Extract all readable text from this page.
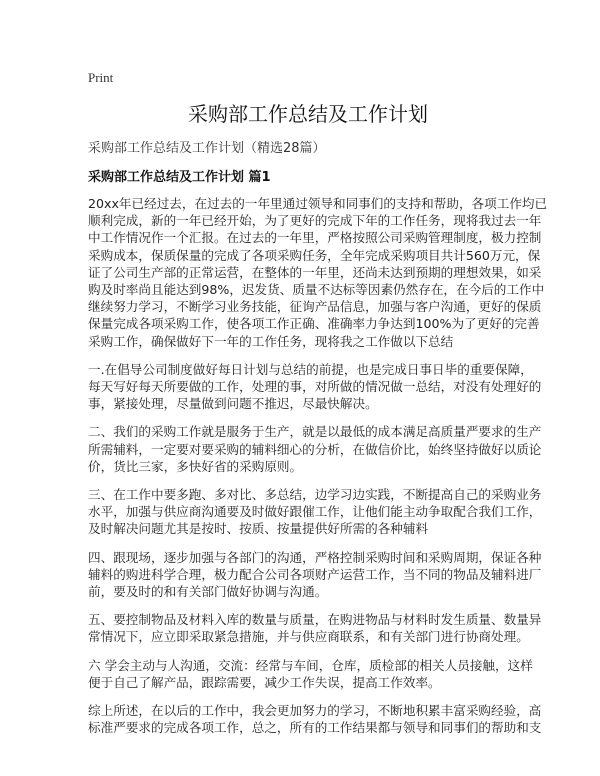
Print
采购部工作总结及工作计划
采购部工作总结及工作计划（精选28篇）
采购部工作总结及工作计划 篇1

20xx年已经过去，在过去的一年里通过领导和同事们的支持和帮助，各项工作均已
顺利完成，新的一年已经开始，为了更好的完成下年的工作任务，现将我过去一年
中工作情况作一个汇报。在过去的一年里，严格按照公司采购管理制度，极力控制
采购成本，保质保量的完成了各项采购任务，全年完成采购项目共计560万元，保
证了公司生产部的正常运营，在整体的一年里，还尚未达到预期的理想效果，如采
购及时率尚且能达到98%，迟发货、质量不达标等因素仍然存在，在今后的工作中
继续努力学习，不断学习业务技能，征询产品信息，加强与客户沟通，更好的保质
保量完成各项采购工作，使各项工作正确、准确率力争达到100%为了更好的完善
采购工作，确保做好下一年的工作任务，现将我之工作做以下总结

一.在倡导公司制度做好每日计划与总结的前提，也是完成日事日毕的重要保障，
每天写好每天所要做的工作，处理的事，对所做的情况做一总结，对没有处理好的
事，紧接处理，尽量做到问题不推迟，尽最快解决。

二、我们的采购工作就是服务于生产，就是以最低的成本满足高质量严要求的生产
所需辅料，一定要对要采购的辅料细心的分析，在做信价比，始终坚持做好以质论
价，货比三家，多快好省的采购原则。

三、在工作中要多跑、多对比、多总结，边学习边实践，不断提高自己的采购业务
水平，加强与供应商沟通要及时做好跟催工作，让他们能主动争取配合我们工作，
及时解决问题尤其是按时、按质、按量提供好所需的各种辅料

四、跟现场，逐步加强与各部门的沟通，严格控制采购时间和采购周期，保证各种
辅料的购进科学合理，极力配合公司各项财产运营工作，当不同的物品及辅料进厂
前，要及时的和有关部门做好协调与沟通。

五、要控制物品及材料入库的数量与质量，在购进物品与材料时发生质量、数量异
常情况下，应立即采取紧急措施，并与供应商联系，和有关部门进行协商处理。

六 学会主动与人沟通，交流：经常与车间，仓库，质检部的相关人员接触，这样
便于自己了解产品，跟踪需要，减少工作失误，提高工作效率。

综上所述，在以后的工作中，我会更加努力的学习，不断地积累丰富采购经验，高
标准严要求的完成各项工作，总之，所有的工作结果都与领导和同事们的帮助和支
